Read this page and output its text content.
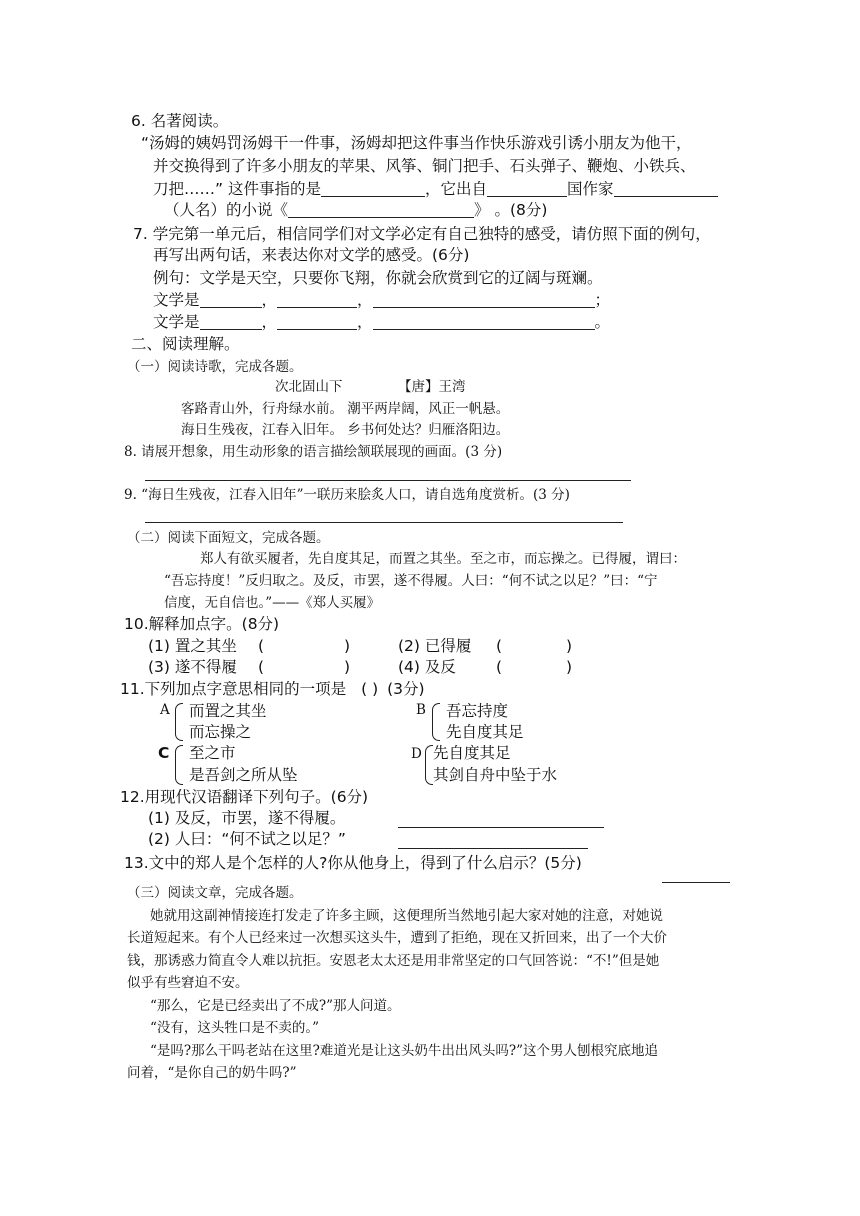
6. 名著阅读。
“汤姆的姨妈罚汤姆干一件事，汤姆却把这件事当作快乐游戏引诱小朋友为他干，
并交换得到了许多小朋友的苹果、风筝、铜门把手、石头弹子、鞭炮、小铁兵、
刀把……” 这件事指的是	，它出自	国作家
（人名）的小说《	》 。(8分)
7. 学完第一单元后，相信同学们对文学必定有自己独特的感受，请仿照下面的例句，
再写出两句话，来表达你对文学的感受。(6分)
例句：文学是天空，只要你飞翔，你就会欣赏到它的辽阔与斑斓。
文学是	，	，	；
文学是	，	，	。
二、阅读理解。
（一）阅读诗歌，完成各题。
次北固山下	【唐】王湾
客路青山外，行舟绿水前。 潮平两岸阔，风正一帆悬。
海日生残夜，江春入旧年。 乡书何处达？归雁洛阳边。
8. 请展开想象，用生动形象的语言描绘颔联展现的画面。(3 分)
9. “海日生残夜，江春入旧年”一联历来脍炙人口，请自选角度赏析。(3 分)
（二）阅读下面短文，完成各题。
郑人有欲买履者，先自度其足，而置之其坐。至之市，而忘操之。已得履，谓曰：
“吾忘持度！”反归取之。及反，市罢，遂不得履。人曰：“何不试之以足？”曰：“宁
信度，无自信也。”——《郑人买履》
10.解释加点字。(8分)
(1) 置之其坐 (	)	(2) 已得履 (	)
(3) 遂不得履 (	)	(4) 及反	(	)
11.下列加点字意思相同的一项是 ( ) (3分)
A 而置之其坐
而忘操之
B 吾忘持度
先自度其足
C 至之市
是吾剑之所从坠
D 先自度其足
其剑自舟中坠于水
12.用现代汉语翻译下列句子。(6分)
(1) 及反，市罢，遂不得履。
(2) 人曰：“何不试之以足？”
13.文中的郑人是个怎样的人?你从他身上，得到了什么启示？(5分)
（三）阅读文章，完成各题。
她就用这副神情接连打发走了许多主顾，这便理所当然地引起大家对她的注意，对她说
长道短起来。有个人已经来过一次想买这头牛，遭到了拒绝，现在又折回来，出了一个大价
钱，那诱惑力简直令人难以抗拒。安恩老太太还是用非常坚定的口气回答说：“不!”但是她
似乎有些窘迫不安。
“那么，它是已经卖出了不成?”那人问道。
“没有，这头牲口是不卖的。”
“是吗?那么干吗老站在这里?难道光是让这头奶牛出出风头吗?”这个男人刨根究底地追
问着，“是你自己的奶牛吗?”
